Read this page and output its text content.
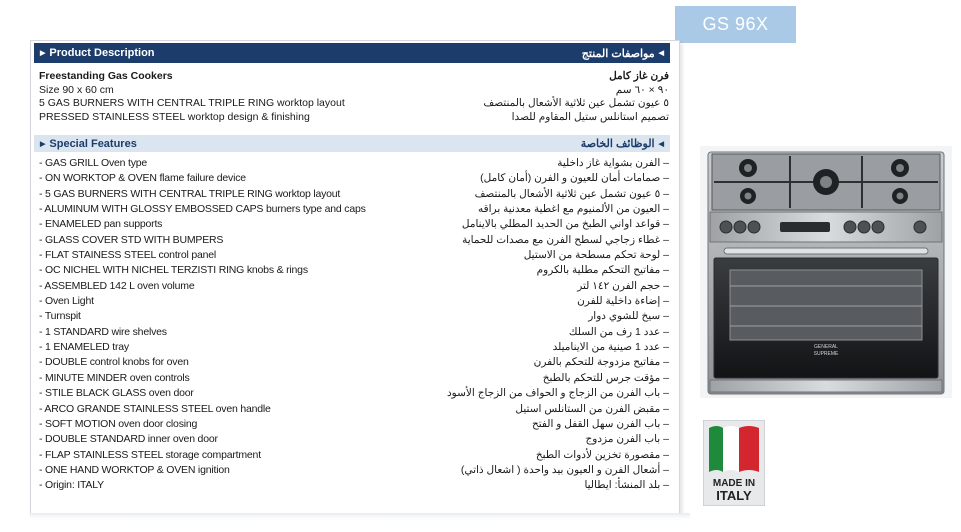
GS 96X
▶ Product Description	◀
مواصفات المنتج
Freestanding Gas Cookers	فرن غاز كامل
Size 90 x 60 cm	٩٠ × ٦٠ سم
5 GAS BURNERS WITH CENTRAL TRIPLE RING worktop layout	٥ عيون تشمل عين ثلاثية الأشعال بالمنتصف
PRESSED STAINLESS STEEL worktop design & finishing	تصميم استانلس ستيل المقاوم للصدا
▶ Special Features	◀
الوظائف الخاصة
- GAS GRILL Oven type	– الفرن بشواية غاز داخلية
- ON WORKTOP & OVEN flame failure device	– صمامات أمان للعيون و الفرن (أمان كامل)
- 5 GAS BURNERS WITH CENTRAL TRIPLE RING worktop layout	– ٥ عيون تشمل عين ثلاثية الأشعال بالمنتصف
- ALUMINUM WITH GLOSSY EMBOSSED CAPS burners type and caps	– العيون من الألمنيوم مع اغطية معدنية براقه
- ENAMELED pan supports	– قواعد اواني الطبخ من الحديد المطلي بالاينامل
- GLASS COVER STD WITH BUMPERS	– غطاء زجاجي لسطح الفرن مع مصدات للحماية
- FLAT STAINESS STEEL control panel	– لوحة تحكم مسطحة من الاستيل
- OC NICHEL WITH NICHEL TERZISTI RING knobs & rings	– مفاتيح التحكم مطلية بالكروم
- ASSEMBLED 142 L oven volume	– حجم الفرن ١٤٢ لتر
- Oven Light	– إضاءة داخلية للفرن
- Turnspit	– سيخ للشوي دوار
- 1 STANDARD wire shelves	– عدد 1 رف من السلك
- 1 ENAMELED tray	– عدد 1 صينية من الايناميلد
- DOUBLE control knobs for oven	– مفاتيح مزدوجة للتحكم بالفرن
- MINUTE MINDER oven controls	– مؤقت جرس للتحكم بالطبخ
- STILE BLACK GLASS oven door	– باب الفرن من الزجاج و الحواف من الزجاج الأسود
- ARCO GRANDE STAINLESS STEEL oven handle	– مقبض الفرن من الستانلس استيل
- SOFT MOTION oven door closing	– باب الفرن سهل القفل و الفتح
- DOUBLE STANDARD inner oven door	– باب الفرن مزدوج
- FLAP STAINLESS STEEL storage compartment	– مقصورة تخزين لأدوات الطبخ
- ONE HAND WORKTOP & OVEN ignition	– أشعال الفرن و العيون بيد واحدة ( اشعال ذاتي)
- Origin: ITALY	– بلد المنشأ: ايطاليا
GENERAL
SUPREME
MADE IN
ITALY
